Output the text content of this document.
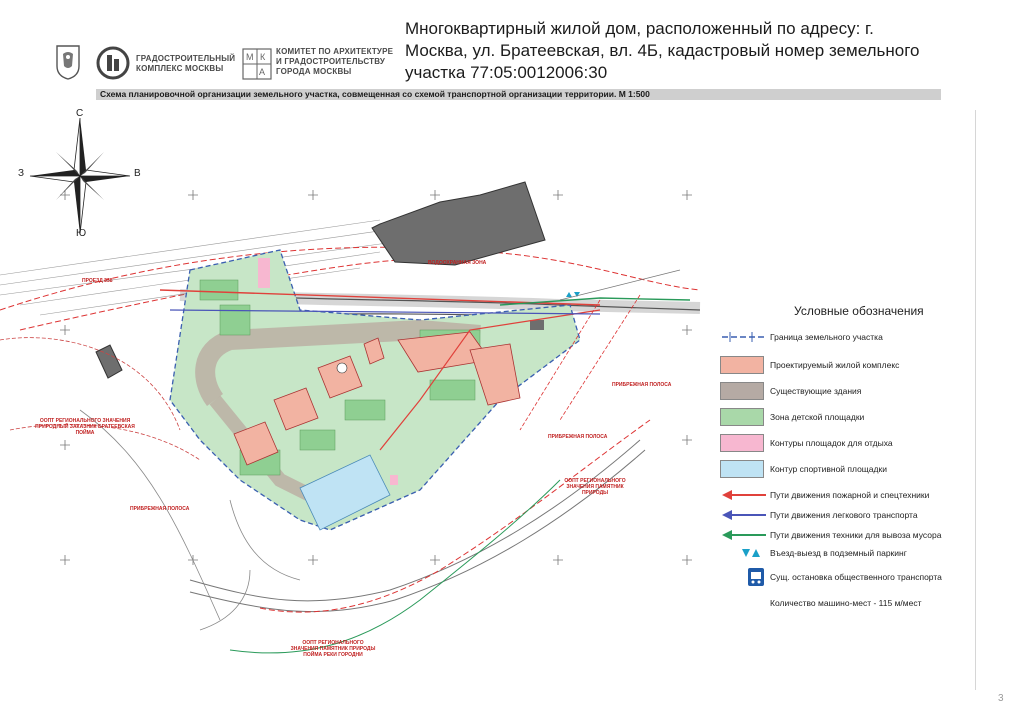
ГРАДОСТРОИТЕЛЬНЫЙ
КОМПЛЕКС МОСКВЫ
М К
А
КОМИТЕТ ПО АРХИТЕКТУРЕ
И ГРАДОСТРОИТЕЛЬСТВУ
ГОРОДА МОСКВЫ
Многоквартирный жилой дом, расположенный по адресу: г.
Москва, ул. Братеевская, вл. 4Б, кадастровый номер земельного
участка 77:05:0012006:30
Схема планировочной организации земельного участка, совмещенная со схемой транспортной организации территории. М 1:500
С
Ю
З	В
ПРОЕЗД 338
ВОДООХРАННАЯ ЗОНА
ПРИБРЕЖНАЯ ПОЛОСА
ПРИБРЕЖНАЯ ПОЛОСА
ПРИБРЕЖНАЯ ПОЛОСА
ООПТ РЕГИОНАЛЬНОГО ЗНАЧЕНИЯ ПРИРОДНЫЙ ЗАКАЗНИК БРАТЕЕВСКАЯ ПОЙМА
ООПТ РЕГИОНАЛЬНОГО ЗНАЧЕНИЯ ПАМЯТНИК ПРИРОДЫ
ООПТ РЕГИОНАЛЬНОГО ЗНАЧЕНИЯ ПАМЯТНИК ПРИРОДЫ ПОЙМА РЕКИ ГОРОДНИ
Условные обозначения
Граница земельного участка
Проектируемый жилой комплекс
Существующие здания
Зона детской площадки
Контуры площадок для отдыха
Контур спортивной площадки
Пути движения пожарной и спецтехники
Пути движения легкового транспорта
Пути движения техники для вывоза мусора
Въезд-выезд в подземный паркинг
Сущ. остановка общественного транспорта
Количество машино-мест - 115 м/мест
3
